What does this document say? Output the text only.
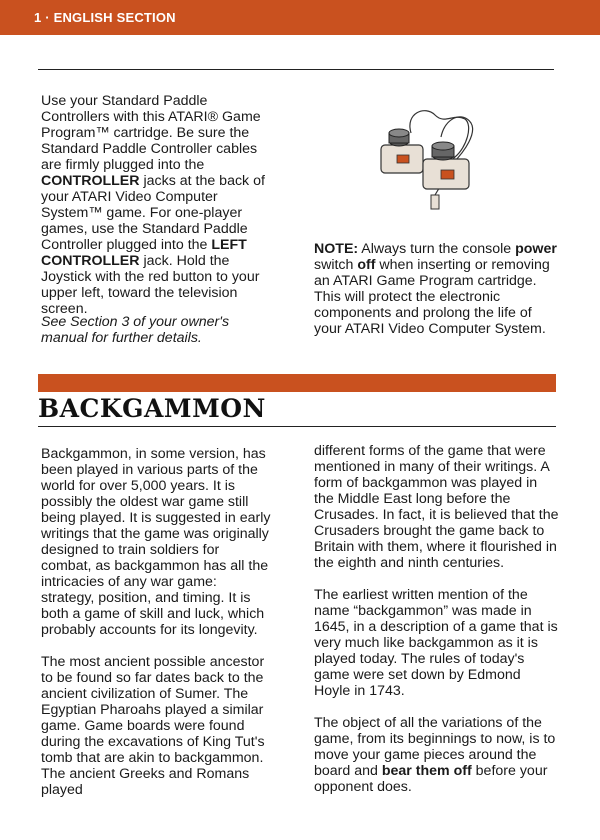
1 · ENGLISH SECTION

Use your Standard Paddle Controllers with this ATARI® Game Program™ cartridge. Be sure the Standard Paddle Controller cables are firmly plugged into the CONTROLLER jacks at the back of your ATARI Video Computer System™ game. For one-player games, use the Standard Paddle Controller plugged into the LEFT CONTROLLER jack. Hold the Joystick with the red button to your upper left, toward the television screen.

See Section 3 of your owner's manual for further details.

NOTE: Always turn the console power switch off when inserting or removing an ATARI Game Program cartridge. This will protect the electronic components and prolong the life of your ATARI Video Computer System.

BACKGAMMON

Backgammon, in some version, has been played in various parts of the world for over 5,000 years. It is possibly the oldest war game still being played. It is suggested in early writings that the game was originally designed to train soldiers for combat, as backgammon has all the intricacies of any war game: strategy, position, and timing. It is both a game of skill and luck, which probably accounts for its longevity.

The most ancient possible ancestor to be found so far dates back to the ancient civilization of Sumer. The Egyptian Pharoahs played a similar game. Game boards were found during the excavations of King Tut's tomb that are akin to backgammon. The ancient Greeks and Romans played

different forms of the game that were mentioned in many of their writings. A form of backgammon was played in the Middle East long before the Crusades. In fact, it is believed that the Crusaders brought the game back to Britain with them, where it flourished in the eighth and ninth centuries.

The earliest written mention of the name “backgammon” was made in 1645, in a description of a game that is very much like backgammon as it is played today. The rules of today's game were set down by Edmond Hoyle in 1743.

The object of all the variations of the game, from its beginnings to now, is to move your game pieces around the board and bear them off before your opponent does.
